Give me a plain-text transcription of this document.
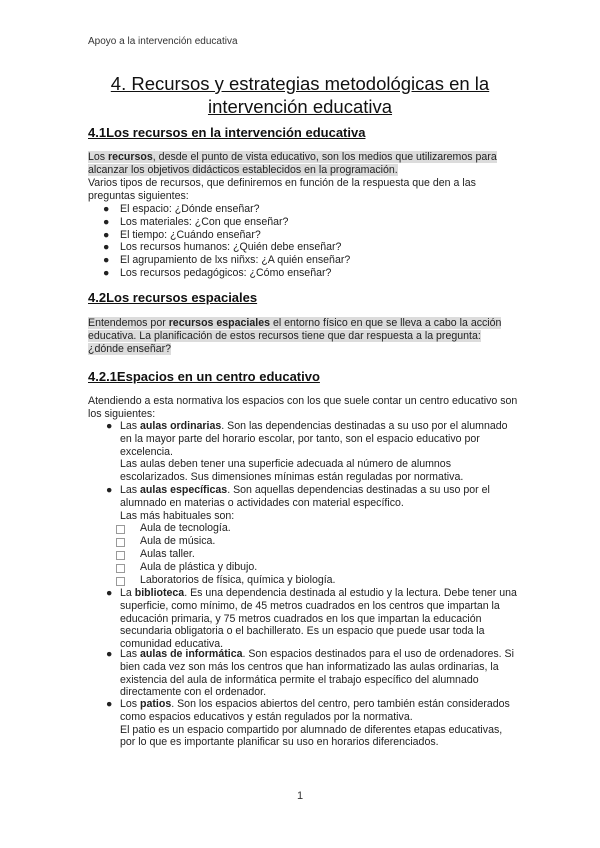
Apoyo a la intervención educativa
4. Recursos y estrategias metodológicas en la
intervención educativa
4.1Los recursos en la intervención educativa
Los recursos, desde el punto de vista educativo, son los medios que utilizaremos para alcanzar los objetivos didácticos establecidos en la programación.
Varios tipos de recursos, que definiremos en función de la respuesta que den a las preguntas siguientes:
● El espacio: ¿Dónde enseñar?
● Los materiales: ¿Con que enseñar?
● El tiempo: ¿Cuándo enseñar?
● Los recursos humanos: ¿Quién debe enseñar?
● El agrupamiento de lxs niñxs: ¿A quién enseñar?
● Los recursos pedagógicos: ¿Cómo enseñar?
4.2Los recursos espaciales
Entendemos por recursos espaciales el entorno físico en que se lleva a cabo la acción educativa. La planificación de estos recursos tiene que dar respuesta a la pregunta: ¿dónde enseñar?
4.2.1Espacios en un centro educativo
Atendiendo a esta normativa los espacios con los que suele contar un centro educativo son los siguientes:
● Las aulas ordinarias. Son las dependencias destinadas a su uso por el alumnado en la mayor parte del horario escolar, por tanto, son el espacio educativo por excelencia.
Las aulas deben tener una superficie adecuada al número de alumnos escolarizados. Sus dimensiones mínimas están reguladas por normativa.
● Las aulas específicas. Son aquellas dependencias destinadas a su uso por el alumnado en materias o actividades con material específico.
Las más habituales son:
Aula de tecnología.
Aula de música.
Aulas taller.
Aula de plástica y dibujo.
Laboratorios de física, química y biología.
● La biblioteca. Es una dependencia destinada al estudio y la lectura. Debe tener una superficie, como mínimo, de 45 metros cuadrados en los centros que impartan la educación primaria, y 75 metros cuadrados en los que impartan la educación secundaria obligatoria o el bachillerato. Es un espacio que puede usar toda la comunidad educativa.
● Las aulas de informática. Son espacios destinados para el uso de ordenadores. Si bien cada vez son más los centros que han informatizado las aulas ordinarias, la existencia del aula de informática permite el trabajo específico del alumnado directamente con el ordenador.
● Los patios. Son los espacios abiertos del centro, pero también están considerados como espacios educativos y están regulados por la normativa.
El patio es un espacio compartido por alumnado de diferentes etapas educativas, por lo que es importante planificar su uso en horarios diferenciados.
1
